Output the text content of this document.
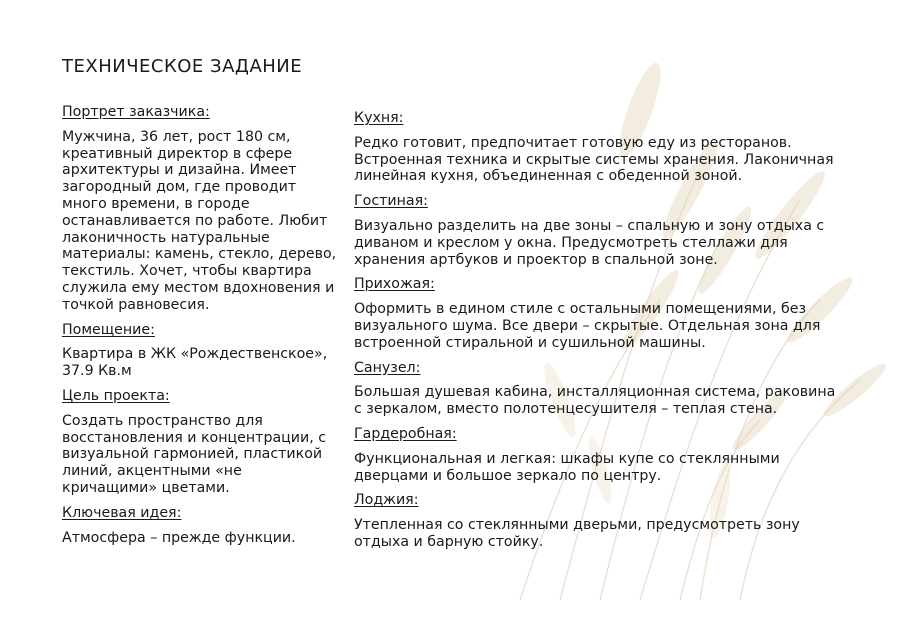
ТЕХНИЧЕСКОЕ ЗАДАНИЕ
Портрет заказчика:
Мужчина, 36 лет, рост 180 см, креативный директор в сфере архитектуры и дизайна. Имеет загородный дом, где проводит много времени, в городе останавливается по работе. Любит лаконичность натуральные материалы: камень, стекло, дерево, текстиль. Хочет, чтобы квартира служила ему местом вдохновения и точкой равновесия.
Помещение:
Квартира в ЖК «Рождественское», 37.9 Кв.м
Цель проекта:
Создать пространство для восстановления и концентрации, с визуальной гармонией, пластикой линий, акцентными «не кричащими» цветами.
Ключевая идея:
Атмосфера – прежде функции.
Кухня:
Редко готовит, предпочитает готовую еду из ресторанов. Встроенная техника и скрытые системы хранения. Лаконичная линейная кухня, объединенная с обеденной зоной.
Гостиная:
Визуально разделить на две зоны – спальную и зону отдыха с диваном и креслом у окна. Предусмотреть стеллажи для хранения артбуков и проектор в спальной зоне.
Прихожая:
Оформить в едином стиле с остальными помещениями, без визуального шума. Все двери – скрытые. Отдельная зона для встроенной стиральной и сушильной машины.
Санузел:
Большая душевая кабина, инсталляционная система, раковина с зеркалом, вместо полотенцесушителя – теплая стена.
Гардеробная:
Функциональная и легкая: шкафы купе со стеклянными дверцами и большое зеркало по центру.
Лоджия:
Утепленная со стеклянными дверьми, предусмотреть зону отдыха и барную стойку.
